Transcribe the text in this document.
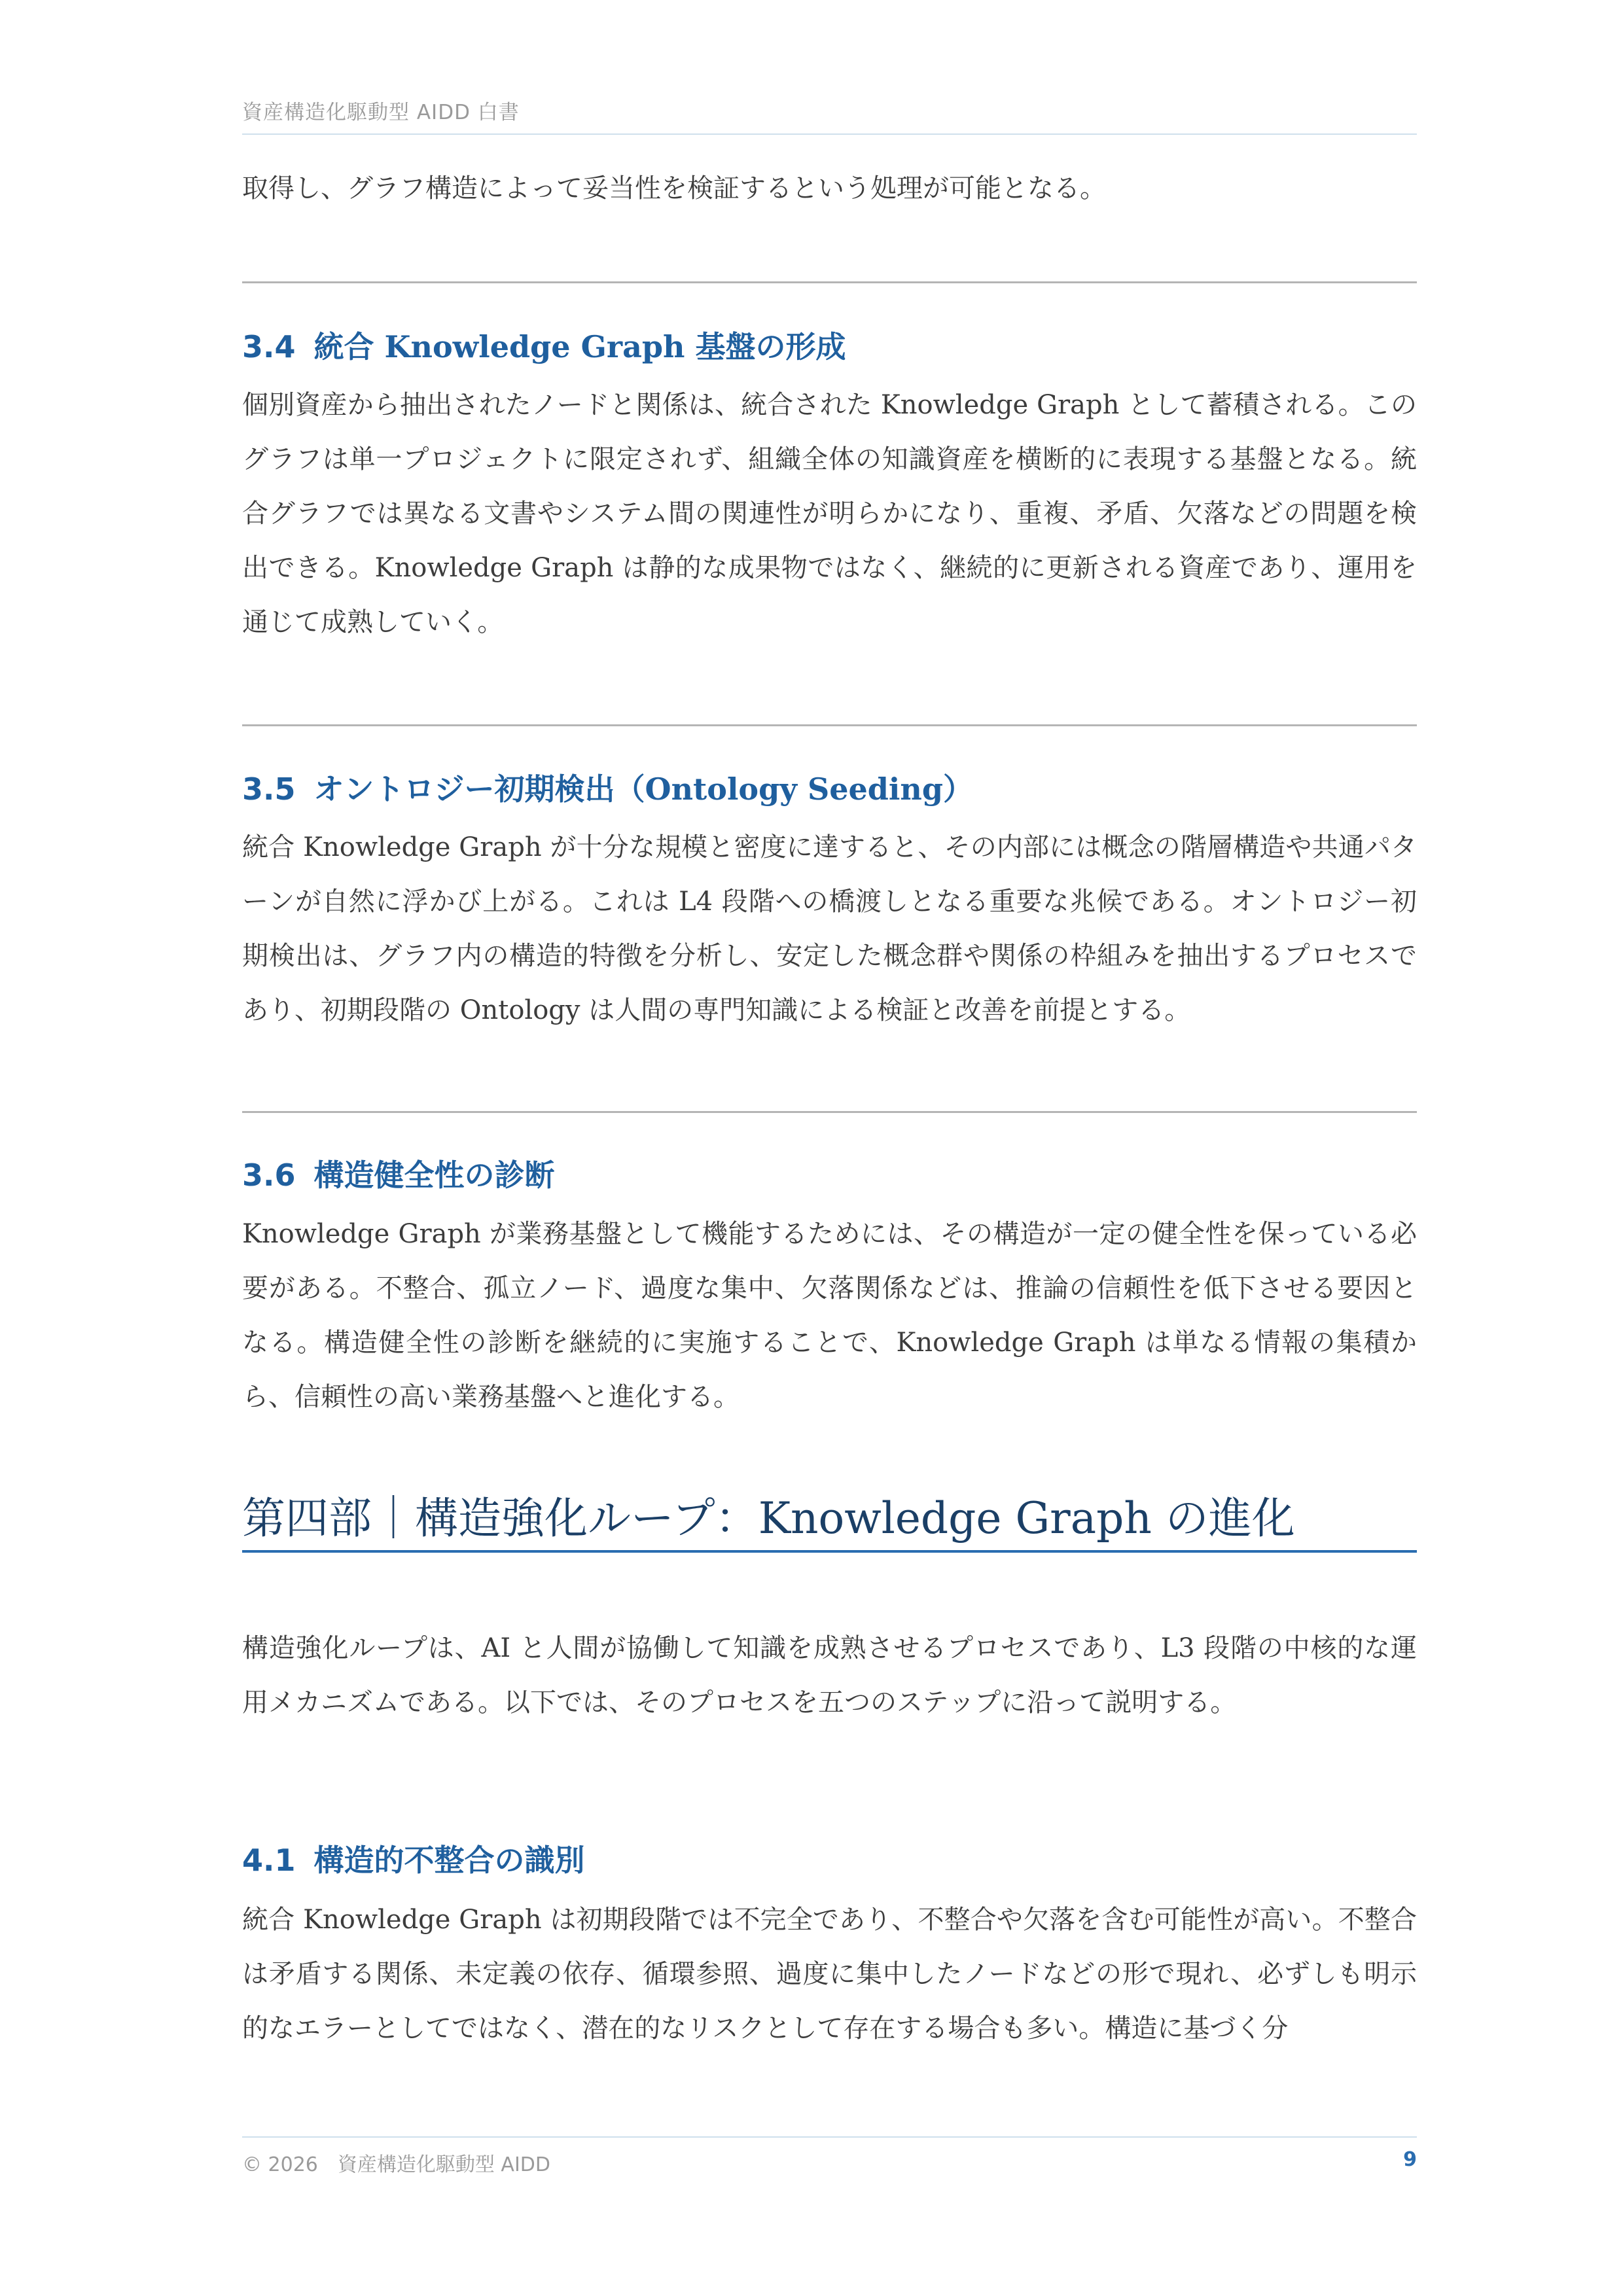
資産構造化駆動型 AIDD 白書
取得し、グラフ構造によって妥当性を検証するという処理が可能となる。
3.4 統合 Knowledge Graph 基盤の形成
個別資産から抽出されたノードと関係は、統合された Knowledge Graph として蓄積される。このグラフは単一プロジェクトに限定されず、組織全体の知識資産を横断的に表現する基盤となる。統合グラフでは異なる文書やシステム間の関連性が明らかになり、重複、矛盾、欠落などの問題を検出できる。Knowledge Graph は静的な成果物ではなく、継続的に更新される資産であり、運用を通じて成熟していく。
3.5 オントロジー初期検出（Ontology Seeding）
統合 Knowledge Graph が十分な規模と密度に達すると、その内部には概念の階層構造や共通パターンが自然に浮かび上がる。これは L4 段階への橋渡しとなる重要な兆候である。オントロジー初期検出は、グラフ内の構造的特徴を分析し、安定した概念群や関係の枠組みを抽出するプロセスであり、初期段階の Ontology は人間の専門知識による検証と改善を前提とする。
3.6 構造健全性の診断
Knowledge Graph が業務基盤として機能するためには、その構造が一定の健全性を保っている必要がある。不整合、孤立ノード、過度な集中、欠落関係などは、推論の信頼性を低下させる要因となる。構造健全性の診断を継続的に実施することで、Knowledge Graph は単なる情報の集積から、信頼性の高い業務基盤へと進化する。
第四部｜構造強化ループ：Knowledge Graph の進化
構造強化ループは、AI と人間が協働して知識を成熟させるプロセスであり、L3 段階の中核的な運用メカニズムである。以下では、そのプロセスを五つのステップに沿って説明する。
4.1 構造的不整合の識別
統合 Knowledge Graph は初期段階では不完全であり、不整合や欠落を含む可能性が高い。不整合は矛盾する関係、未定義の依存、循環参照、過度に集中したノードなどの形で現れ、必ずしも明示的なエラーとしてではなく、潜在的なリスクとして存在する場合も多い。構造に基づく分
© 2026 資産構造化駆動型 AIDD	9
